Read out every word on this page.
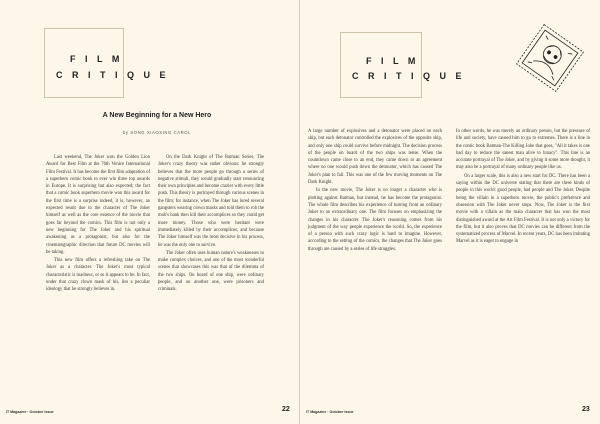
F I L M
C R I T I Q U E
A New Beginning for a New Hero
by SONG XIAOXING CAROL

Last weekend, The Joker won the Golden Lion Award for Best Film at the 76th Venice International Film Festival. It has become the first film adaptation of a superhero comic book to ever win three top awards in Europe. It is surprising but also expected; the fact that a comic book superhero movie won this award for the first time is a surprise indeed, it is, however, an expected result due to the character of The Joker himself as well as the core essence of the movie that goes far beyond the comics. This film is not only a new beginning for The Joker and his spiritual awakening as a protagonist, but also for the cinematographic direction that future DC movies will be taking.

This new film offers a refreshing take on The Joker as a character. The Joker's most typical characteristic is madness, or so it appears to be. In fact, under that crazy clown mask of his, lies a peculiar ideology that he strongly believes in.

On the Dark Knight of The Batman Series, The Joker's crazy theory was rather obvious; he strongly believes that the more people go through a series of negative stimuli, they would gradually start renouncing their own principles and become crazier with every little push. This theory is portrayed through various scenes in the film; for instance, when The Joker has lured several gangsters wearing clown masks and told them to rob the mob's bank then kill their accomplices so they could get more money. Those who were hesitant were immediately killed by their accomplices, and because The Joker himself was the most decisive in his process, he was the only one to survive.

The Joker often uses human nature's weaknesses to make complex choices, and one of the most wonderful scenes that showcases this was that of the dilemma of the two ships. On board of one ship, were ordinary people, and on another one, were prisoners and criminals.

IT Magazine · October Issue	22
F I L M
C R I T I Q U E

A large number of explosives and a detonator were placed on each ship, but each detonator controlled the explosives of the opposite ship, and only one ship could survive before midnight. The decision process of the people on board of the two ships was tense. When the countdown came close to an end, they came down to an agreement where no one would push down the detonator, which has caused The Joker's plan to fail. This was one of the few moving moments on The Dark Knight.

In the new movie, The Joker is no longer a character who is plotting against Batman, but instead, he has become the protagonist. The whole film describes his experience of turning from an ordinary Joker to an extraordinary one. The film focuses on emphasizing the changes in his character. The Joker's reasoning comes from his judgment of the way people experience the world. So, the experience of a person with such crazy logic is hard to imagine. However, according to the setting of the comics, the changes that The Joker goes through are caused by a series of life struggles.

In other words, he was merely an ordinary person, but the pressure of life and society, have caused him to go to extremes. There is a line in the comic book Batman-The Killing Joke that goes, "All it takes is one bad day to reduce the sanest man alive to lunacy". This line is an accurate portrayal of The Joker, and by giving it some more thought, it may also be a portrayal of many ordinary people like us.

On a larger scale, this is also a new start for DC. There has been a saying within the DC universe stating that there are three kinds of people in this world: good people, bad people and The Joker. Despite being the villain in a superhero movie, the public's preference and obsession with The Joker never stops. Now, The Joker is the first movie with a villain as the main character that has won the most distinguished award at the Art Film Festival. It is not only a victory for the film, but it also proves that DC movies can be different from the systematized process of Marvel. In recent years, DC has been imitating Marvel as it is eager to engage in

IT Magazine · October Issue	23
